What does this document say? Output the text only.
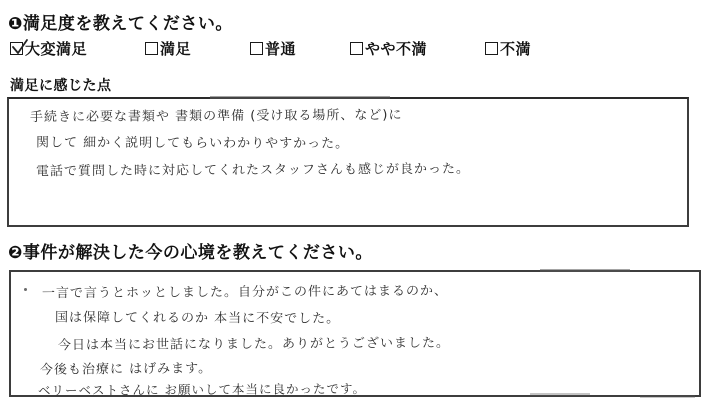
❶満足度を教えてください。
大変満足	満足	普通	やや不満	不満
満足に感じた点
手続きに必要な書類や 書類の準備 (受け取る場所、など)に
関して 細かく説明してもらいわかりやすかった。
電話で質問した時に対応してくれたスタッフさんも感じが良かった。
❷事件が解決した今の心境を教えてください。
一言で言うとホッとしました。自分がこの件にあてはまるのか、
国は保障してくれるのか 本当に不安でした。
今日は本当にお世話になりました。ありがとうございました。
今後も治療に はげみます。
ベリーベストさんに お願いして本当に良かったです。
